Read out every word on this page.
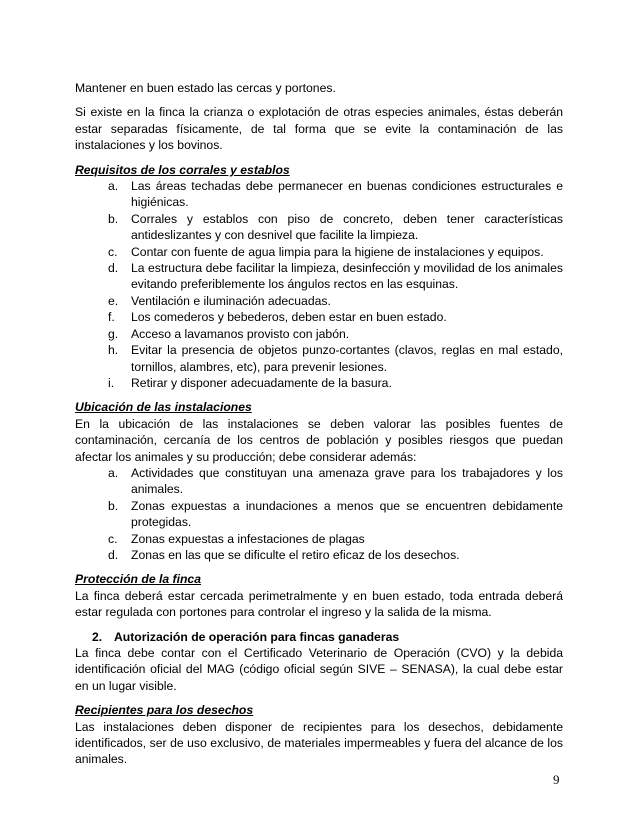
Mantener en buen estado las cercas y portones.

Si existe en la finca la crianza o explotación de otras especies animales, éstas deberán estar separadas físicamente, de tal forma que se evite la contaminación de las instalaciones y los bovinos.

Requisitos de los corrales y establos

a. Las áreas techadas debe permanecer en buenas condiciones estructurales e higiénicas.
b. Corrales y establos con piso de concreto, deben tener características antideslizantes y con desnivel que facilite la limpieza.
c. Contar con fuente de agua limpia para la higiene de instalaciones y equipos.
d. La estructura debe facilitar la limpieza, desinfección y movilidad de los animales evitando preferiblemente los ángulos rectos en las esquinas.
e. Ventilación e iluminación adecuadas.
f. Los comederos y bebederos, deben estar en buen estado.
g. Acceso a lavamanos provisto con jabón.
h. Evitar la presencia de objetos punzo-cortantes (clavos, reglas en mal estado, tornillos, alambres, etc), para prevenir lesiones.
i. Retirar y disponer adecuadamente de la basura.

Ubicación de las instalaciones

En la ubicación de las instalaciones se deben valorar las posibles fuentes de contaminación, cercanía de los centros de población y posibles riesgos que puedan afectar los animales y su producción; debe considerar además:

a. Actividades que constituyan una amenaza grave para los trabajadores y los animales.
b. Zonas expuestas a inundaciones a menos que se encuentren debidamente protegidas.
c. Zonas expuestas a infestaciones de plagas
d. Zonas en las que se dificulte el retiro eficaz de los desechos.

Protección de la finca

La finca deberá estar cercada perimetralmente y en buen estado, toda entrada deberá estar regulada con portones para controlar el ingreso y la salida de la misma.

2. Autorización de operación para fincas ganaderas

La finca debe contar con el Certificado Veterinario de Operación (CVO) y la debida identificación oficial del MAG (código oficial según SIVE – SENASA), la cual debe estar en un lugar visible.

Recipientes para los desechos

Las instalaciones deben disponer de recipientes para los desechos, debidamente identificados, ser de uso exclusivo, de materiales impermeables y fuera del alcance de los animales.

9
